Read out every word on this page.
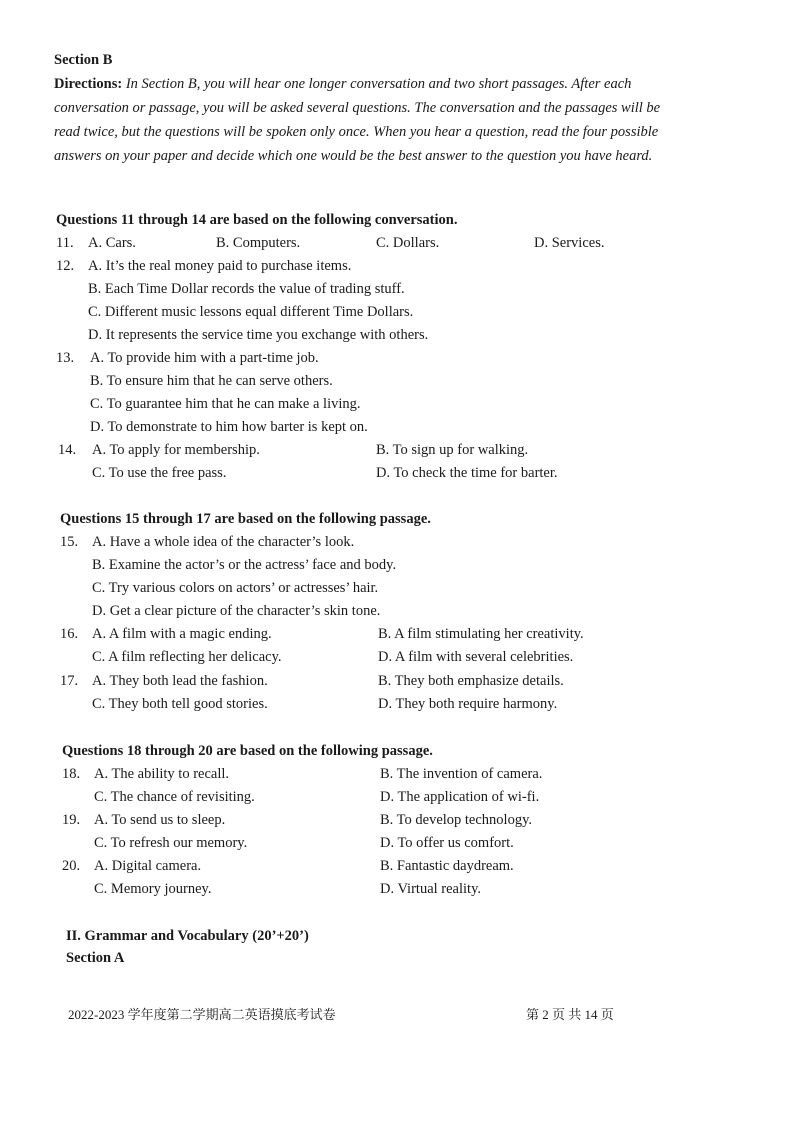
Section B
Directions: In Section B, you will hear one longer conversation and two short passages. After each conversation or passage, you will be asked several questions. The conversation and the passages will be read twice, but the questions will be spoken only once. When you hear a question, read the four possible answers on your paper and decide which one would be the best answer to the question you have heard.
Questions 11 through 14 are based on the following conversation.
11. A. Cars.	B. Computers.	C. Dollars.	D. Services.
12. A. It’s the real money paid to purchase items.
B. Each Time Dollar records the value of trading stuff.
C. Different music lessons equal different Time Dollars.
D. It represents the service time you exchange with others.
13. A. To provide him with a part-time job.
B. To ensure him that he can serve others.
C. To guarantee him that he can make a living.
D. To demonstrate to him how barter is kept on.
14. A. To apply for membership.	B. To sign up for walking.
C. To use the free pass.	D. To check the time for barter.
Questions 15 through 17 are based on the following passage.
15. A. Have a whole idea of the character’s look.
B. Examine the actor’s or the actress’ face and body.
C. Try various colors on actors’ or actresses’ hair.
D. Get a clear picture of the character’s skin tone.
16. A. A film with a magic ending.	B. A film stimulating her creativity.
C. A film reflecting her delicacy.	D. A film with several celebrities.
17. A. They both lead the fashion.	B. They both emphasize details.
C. They both tell good stories.	D. They both require harmony.
Questions 18 through 20 are based on the following passage.
18. A. The ability to recall.	B. The invention of camera.
C. The chance of revisiting.	D. The application of wi-fi.
19. A. To send us to sleep.	B. To develop technology.
C. To refresh our memory.	D. To offer us comfort.
20. A. Digital camera.	B. Fantastic daydream.
C. Memory journey.	D. Virtual reality.
II. Grammar and Vocabulary (20’+20’)
Section A
2022-2023 学年度第二学期高二英语摸底考试卷	第 2 页 共 14 页
